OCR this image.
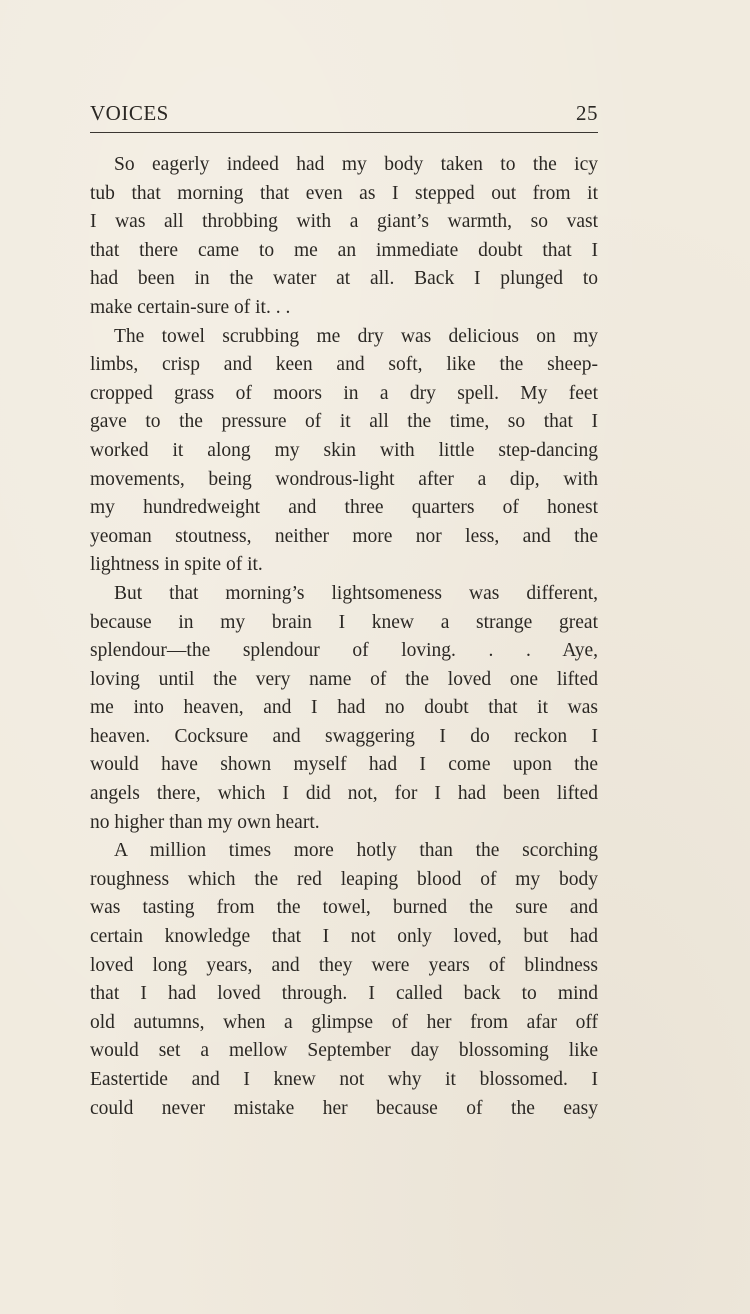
VOICES	25
So eagerly indeed had my body taken to the icy
tub that morning that even as I stepped out from it
I was all throbbing with a giant’s warmth, so vast
that there came to me an immediate doubt that I
had been in the water at all. Back I plunged to
make certain-sure of it. . .
The towel scrubbing me dry was delicious on my
limbs, crisp and keen and soft, like the sheep-
cropped grass of moors in a dry spell. My feet
gave to the pressure of it all the time, so that I
worked it along my skin with little step-dancing
movements, being wondrous-light after a dip, with
my hundredweight and three quarters of honest
yeoman stoutness, neither more nor less, and the
lightness in spite of it.
But that morning’s lightsomeness was different,
because in my brain I knew a strange great
splendour—the splendour of loving. . . Aye,
loving until the very name of the loved one lifted
me into heaven, and I had no doubt that it was
heaven. Cocksure and swaggering I do reckon I
would have shown myself had I come upon the
angels there, which I did not, for I had been lifted
no higher than my own heart.
A million times more hotly than the scorching
roughness which the red leaping blood of my body
was tasting from the towel, burned the sure and
certain knowledge that I not only loved, but had
loved long years, and they were years of blindness
that I had loved through. I called back to mind
old autumns, when a glimpse of her from afar off
would set a mellow September day blossoming like
Eastertide and I knew not why it blossomed. I
could never mistake her because of the easy
